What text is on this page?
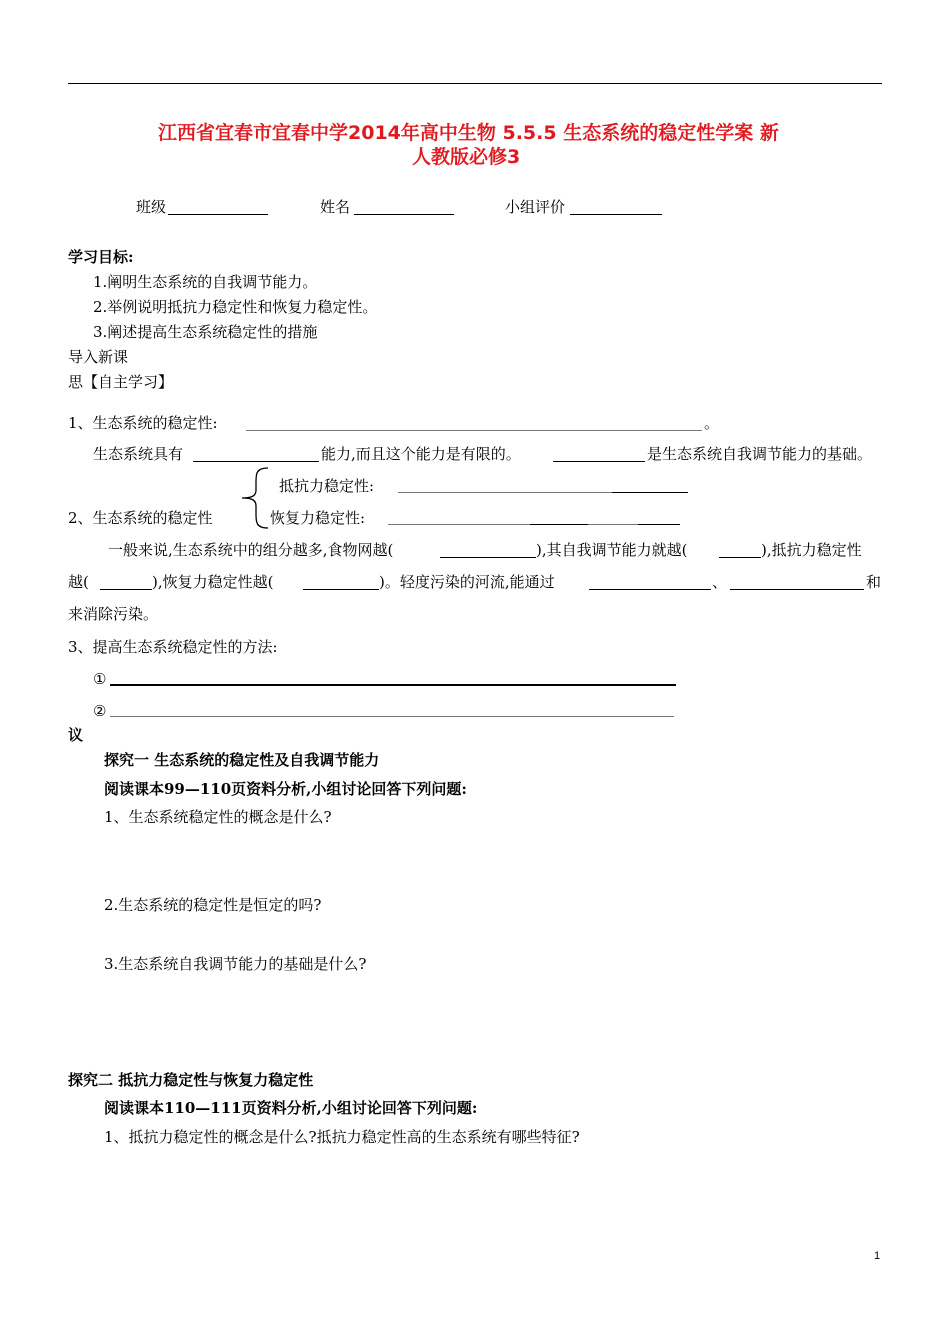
江西省宜春市宜春中学2014年高中生物 5.5.5 生态系统的稳定性学案 新
人教版必修3
班级	姓名	小组评价
学习目标:
1.阐明生态系统的自我调节能力。
2.举例说明抵抗力稳定性和恢复力稳定性。
3.阐述提高生态系统稳定性的措施
导入新课
思【自主学习】
1、生态系统的稳定性:	。
生态系统具有	能力,而且这个能力是有限的。	是生态系统自我调节能力的基础。
抵抗力稳定性:
2、生态系统的稳定性	恢复力稳定性:
一般来说,生态系统中的组分越多,食物网越(	),其自我调节能力就越(	),抵抗力稳定性
越(	),恢复力稳定性越(	)。轻度污染的河流,能通过	、	和
来消除污染。
3、提高生态系统稳定性的方法:
①
②
议
探究一 生态系统的稳定性及自我调节能力
阅读课本99—110页资料分析,小组讨论回答下列问题:
1、生态系统稳定性的概念是什么?
2.生态系统的稳定性是恒定的吗?
3.生态系统自我调节能力的基础是什么?
探究二 抵抗力稳定性与恢复力稳定性
阅读课本110—111页资料分析,小组讨论回答下列问题:
1、抵抗力稳定性的概念是什么?抵抗力稳定性高的生态系统有哪些特征?
1
